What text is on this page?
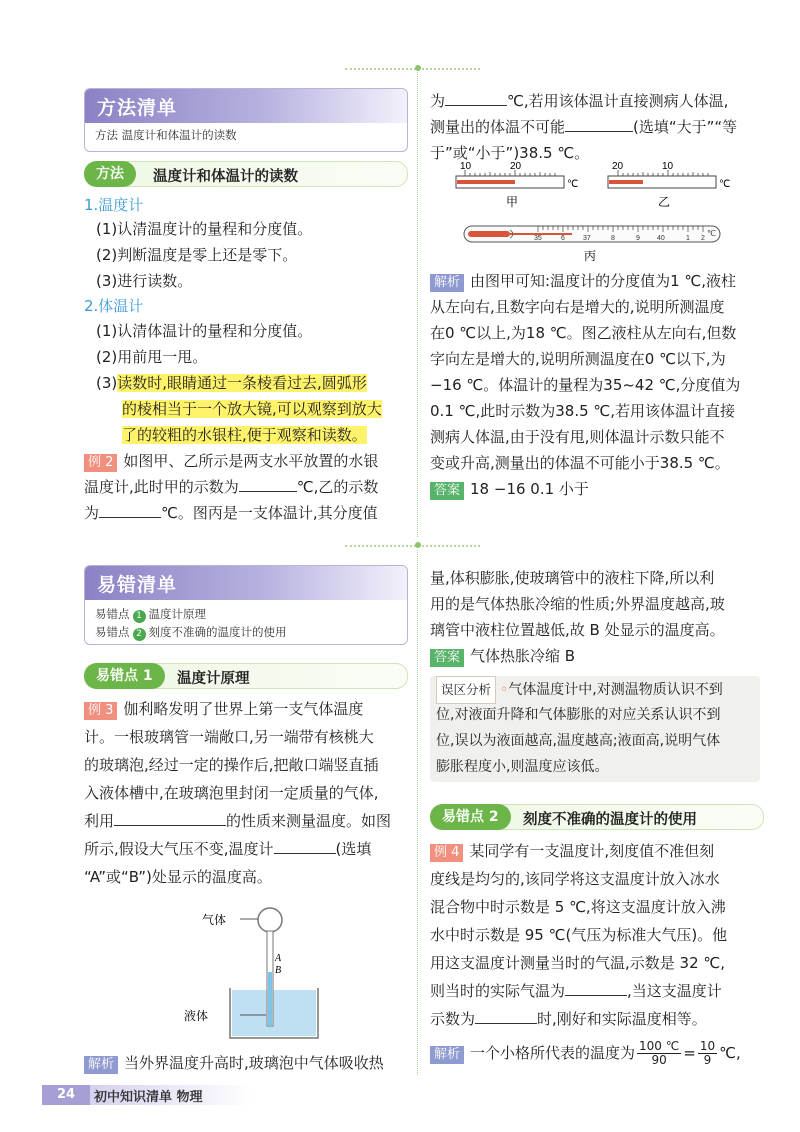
方法清单
方法 温度计和体温计的读数
方法	温度计和体温计的读数
1.温度计
(1)认清温度计的量程和分度值。
(2)判断温度是零上还是零下。
(3)进行读数。
2.体温计
(1)认清体温计的量程和分度值。
(2)用前甩一甩。
(3)读数时,眼睛通过一条棱看过去,圆弧形
的棱相当于一个放大镜,可以观察到放大
了的较粗的水银柱,便于观察和读数。
例 2 如图甲、乙所示是两支水平放置的水银
温度计,此时甲的示数为	℃,乙的示数
为	℃。图丙是一支体温计,其分度值
为	℃,若用该体温计直接测病人体温,
测量出的体温不可能	(选填“大于”“等
于”或“小于”)38.5 ℃。
10	20
℃
甲
20	10
℃
乙
35	6	37	8	9 40	1 2
℃
丙
解析 由图甲可知:温度计的分度值为1 ℃,液柱
从左向右,且数字向右是增大的,说明所测温度
在0 ℃以上,为18 ℃。图乙液柱从左向右,但数
字向左是增大的,说明所测温度在0 ℃以下,为
−16 ℃。体温计的量程为35~42 ℃,分度值为
0.1 ℃,此时示数为38.5 ℃,若用该体温计直接
测病人体温,由于没有甩,则体温计示数只能不
变或升高,测量出的体温不可能小于38.5 ℃。
答案 18 −16 0.1 小于
易错清单
易错点 1 温度计原理
易错点 2 刻度不准确的温度计的使用
易错点 1	温度计原理
例 3 伽利略发明了世界上第一支气体温度
计。一根玻璃管一端敞口,另一端带有核桃大
的玻璃泡,经过一定的操作后,把敞口端竖直插
入液体槽中,在玻璃泡里封闭一定质量的气体,
利用	的性质来测量温度。如图
所示,假设大气压不变,温度计	(选填
“A”或“B”)处显示的温度高。
气体
液体
A
B
解析 当外界温度升高时,玻璃泡中气体吸收热
量,体积膨胀,使玻璃管中的液柱下降,所以利
用的是气体热胀冷缩的性质;外界温度越高,玻
璃管中液柱位置越低,故 B 处显示的温度高。
答案 气体热胀冷缩 B
误区分析 ◦气体温度计中,对测温物质认识不到
位,对液面升降和气体膨胀的对应关系认识不到
位,误以为液面越高,温度越高;液面高,说明气体
膨胀程度小,则温度应该低。
易错点 2	刻度不准确的温度计的使用
例 4 某同学有一支温度计,刻度值不准但刻
度线是均匀的,该同学将这支温度计放入冰水
混合物中时示数是 5 ℃,将这支温度计放入沸
水中时示数是 95 ℃(气压为标准大气压)。他
用这支温度计测量当时的气温,示数是 32 ℃,
则当时的实际气温为	,当这支温度计
示数为	时,刚好和实际温度相等。
解析 一个小格所代表的温度为 $\frac{100 ℃}{90} = \frac{10}{9}$ ℃,
24	初中知识清单 物理
